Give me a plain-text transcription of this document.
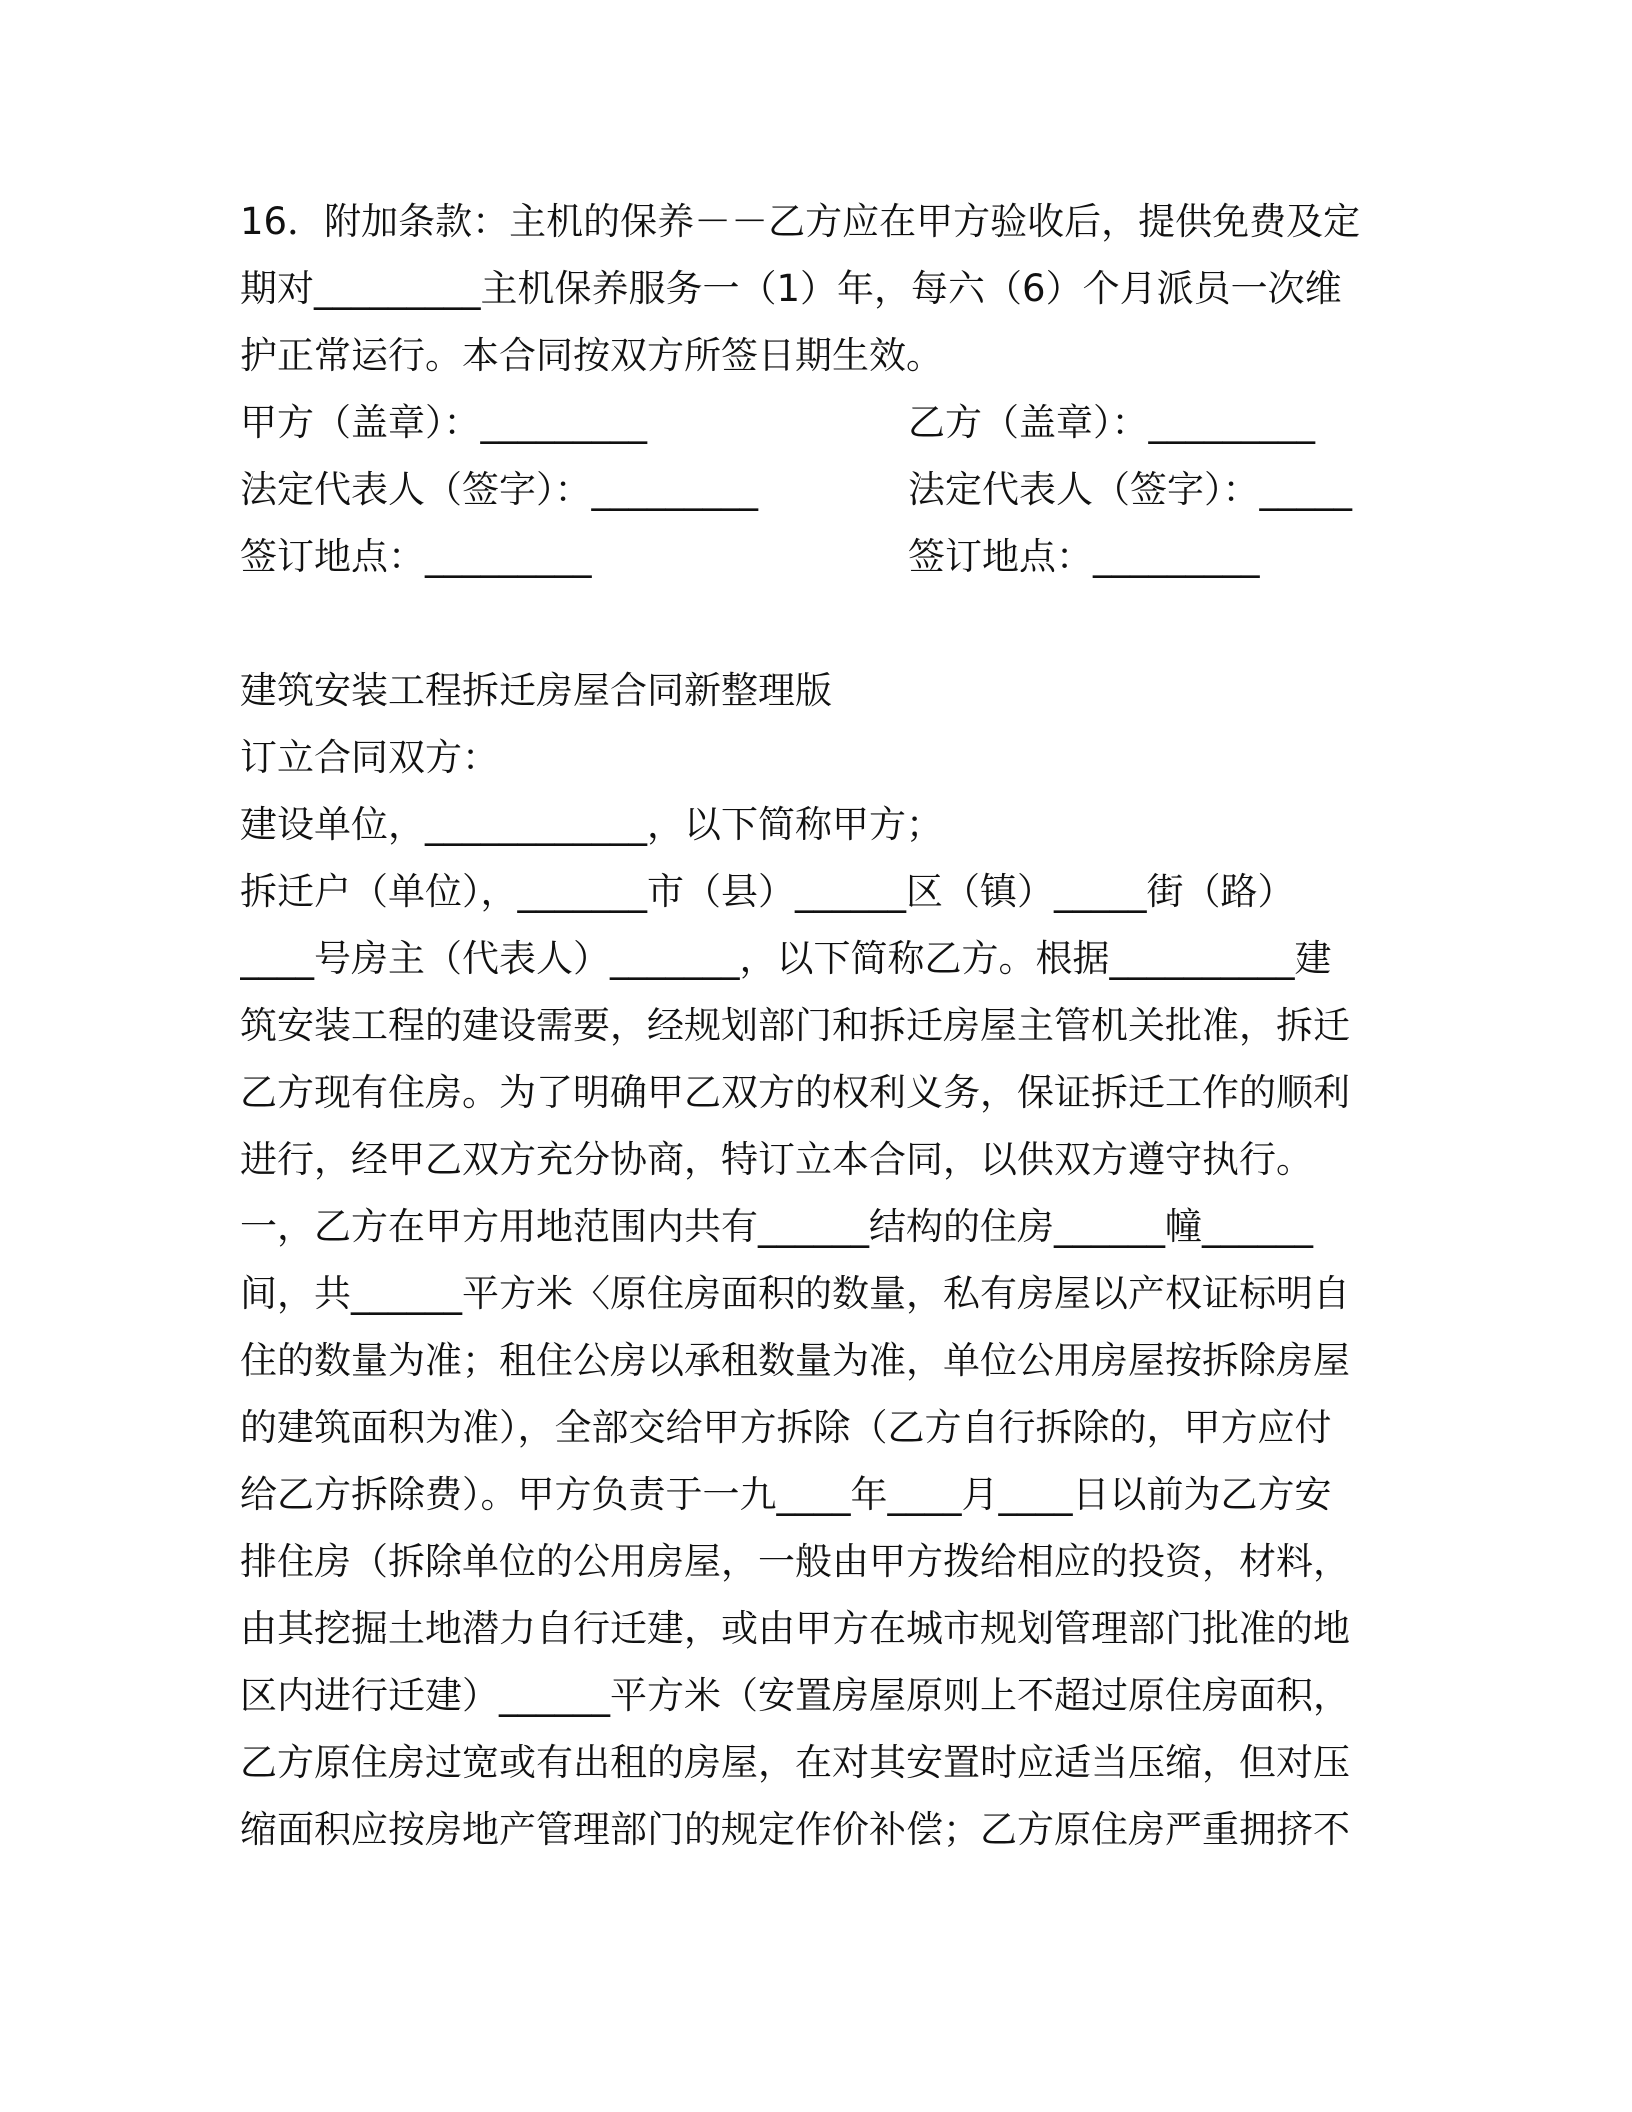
16．附加条款：主机的保养－－乙方应在甲方验收后，提供免费及定
期对_________主机保养服务一（1）年，每六（6）个月派员一次维
护正常运行。本合同按双方所签日期生效。
甲方（盖章）：_________	乙方（盖章）：_________
法定代表人（签字）：_________	法定代表人（签字）：_____
签订地点：_________	签订地点：_________
建筑安装工程拆迁房屋合同新整理版
订立合同双方：
建设单位，____________，以下简称甲方；
拆迁户（单位），_______市（县）______区（镇）_____街（路）
____号房主（代表人）_______，以下简称乙方。根据__________建
筑安装工程的建设需要，经规划部门和拆迁房屋主管机关批准，拆迁
乙方现有住房。为了明确甲乙双方的权利义务，保证拆迁工作的顺利
进行，经甲乙双方充分协商，特订立本合同，以供双方遵守执行。
一，乙方在甲方用地范围内共有______结构的住房______幢______
间，共______平方米〈原住房面积的数量，私有房屋以产权证标明自
住的数量为准；租住公房以承租数量为准，单位公用房屋按拆除房屋
的建筑面积为准），全部交给甲方拆除（乙方自行拆除的，甲方应付
给乙方拆除费）。甲方负责于一九____年____月____日以前为乙方安
排住房（拆除单位的公用房屋，一般由甲方拨给相应的投资，材料，
由其挖掘土地潜力自行迁建，或由甲方在城市规划管理部门批准的地
区内进行迁建）______平方米（安置房屋原则上不超过原住房面积，
乙方原住房过宽或有出租的房屋，在对其安置时应适当压缩，但对压
缩面积应按房地产管理部门的规定作价补偿；乙方原住房严重拥挤不
